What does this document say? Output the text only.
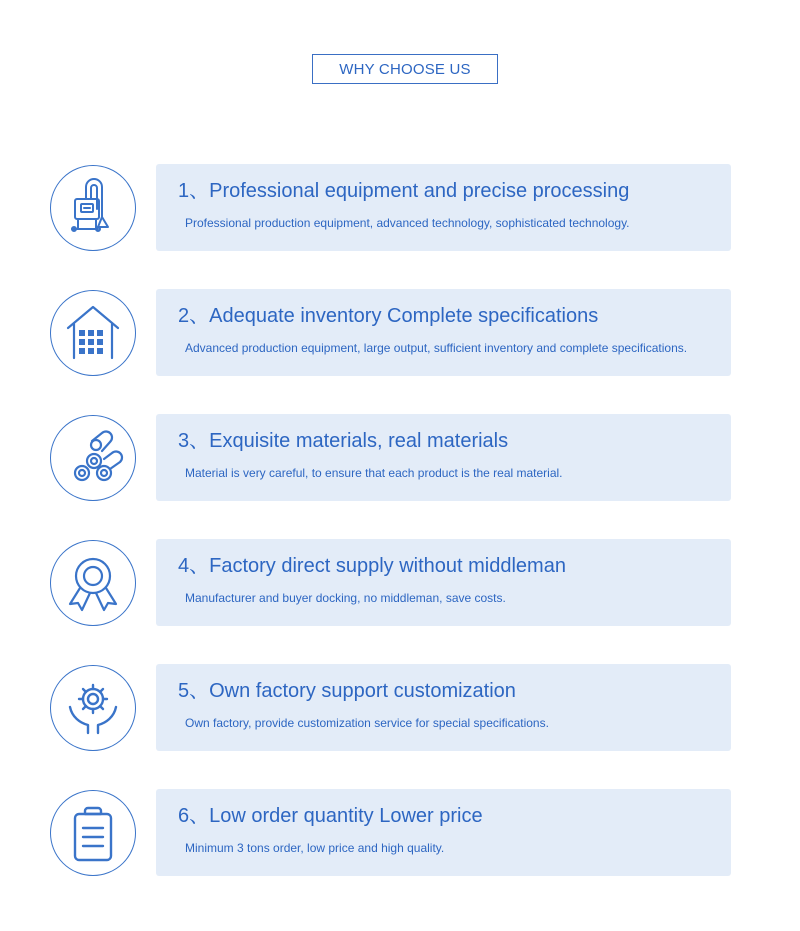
WHY CHOOSE US
1、Professional equipment and precise processing
Professional production equipment, advanced technology, sophisticated technology.
2、Adequate inventory Complete specifications
Advanced production equipment, large output, sufficient inventory and complete specifications.
3、Exquisite materials, real materials
Material is very careful, to ensure that each product is the real material.
4、Factory direct supply without middleman
Manufacturer and buyer docking, no middleman, save costs.
5、Own factory support customization
Own factory, provide customization service for special specifications.
6、Low order quantity Lower price
Minimum 3 tons order, low price and high quality.
